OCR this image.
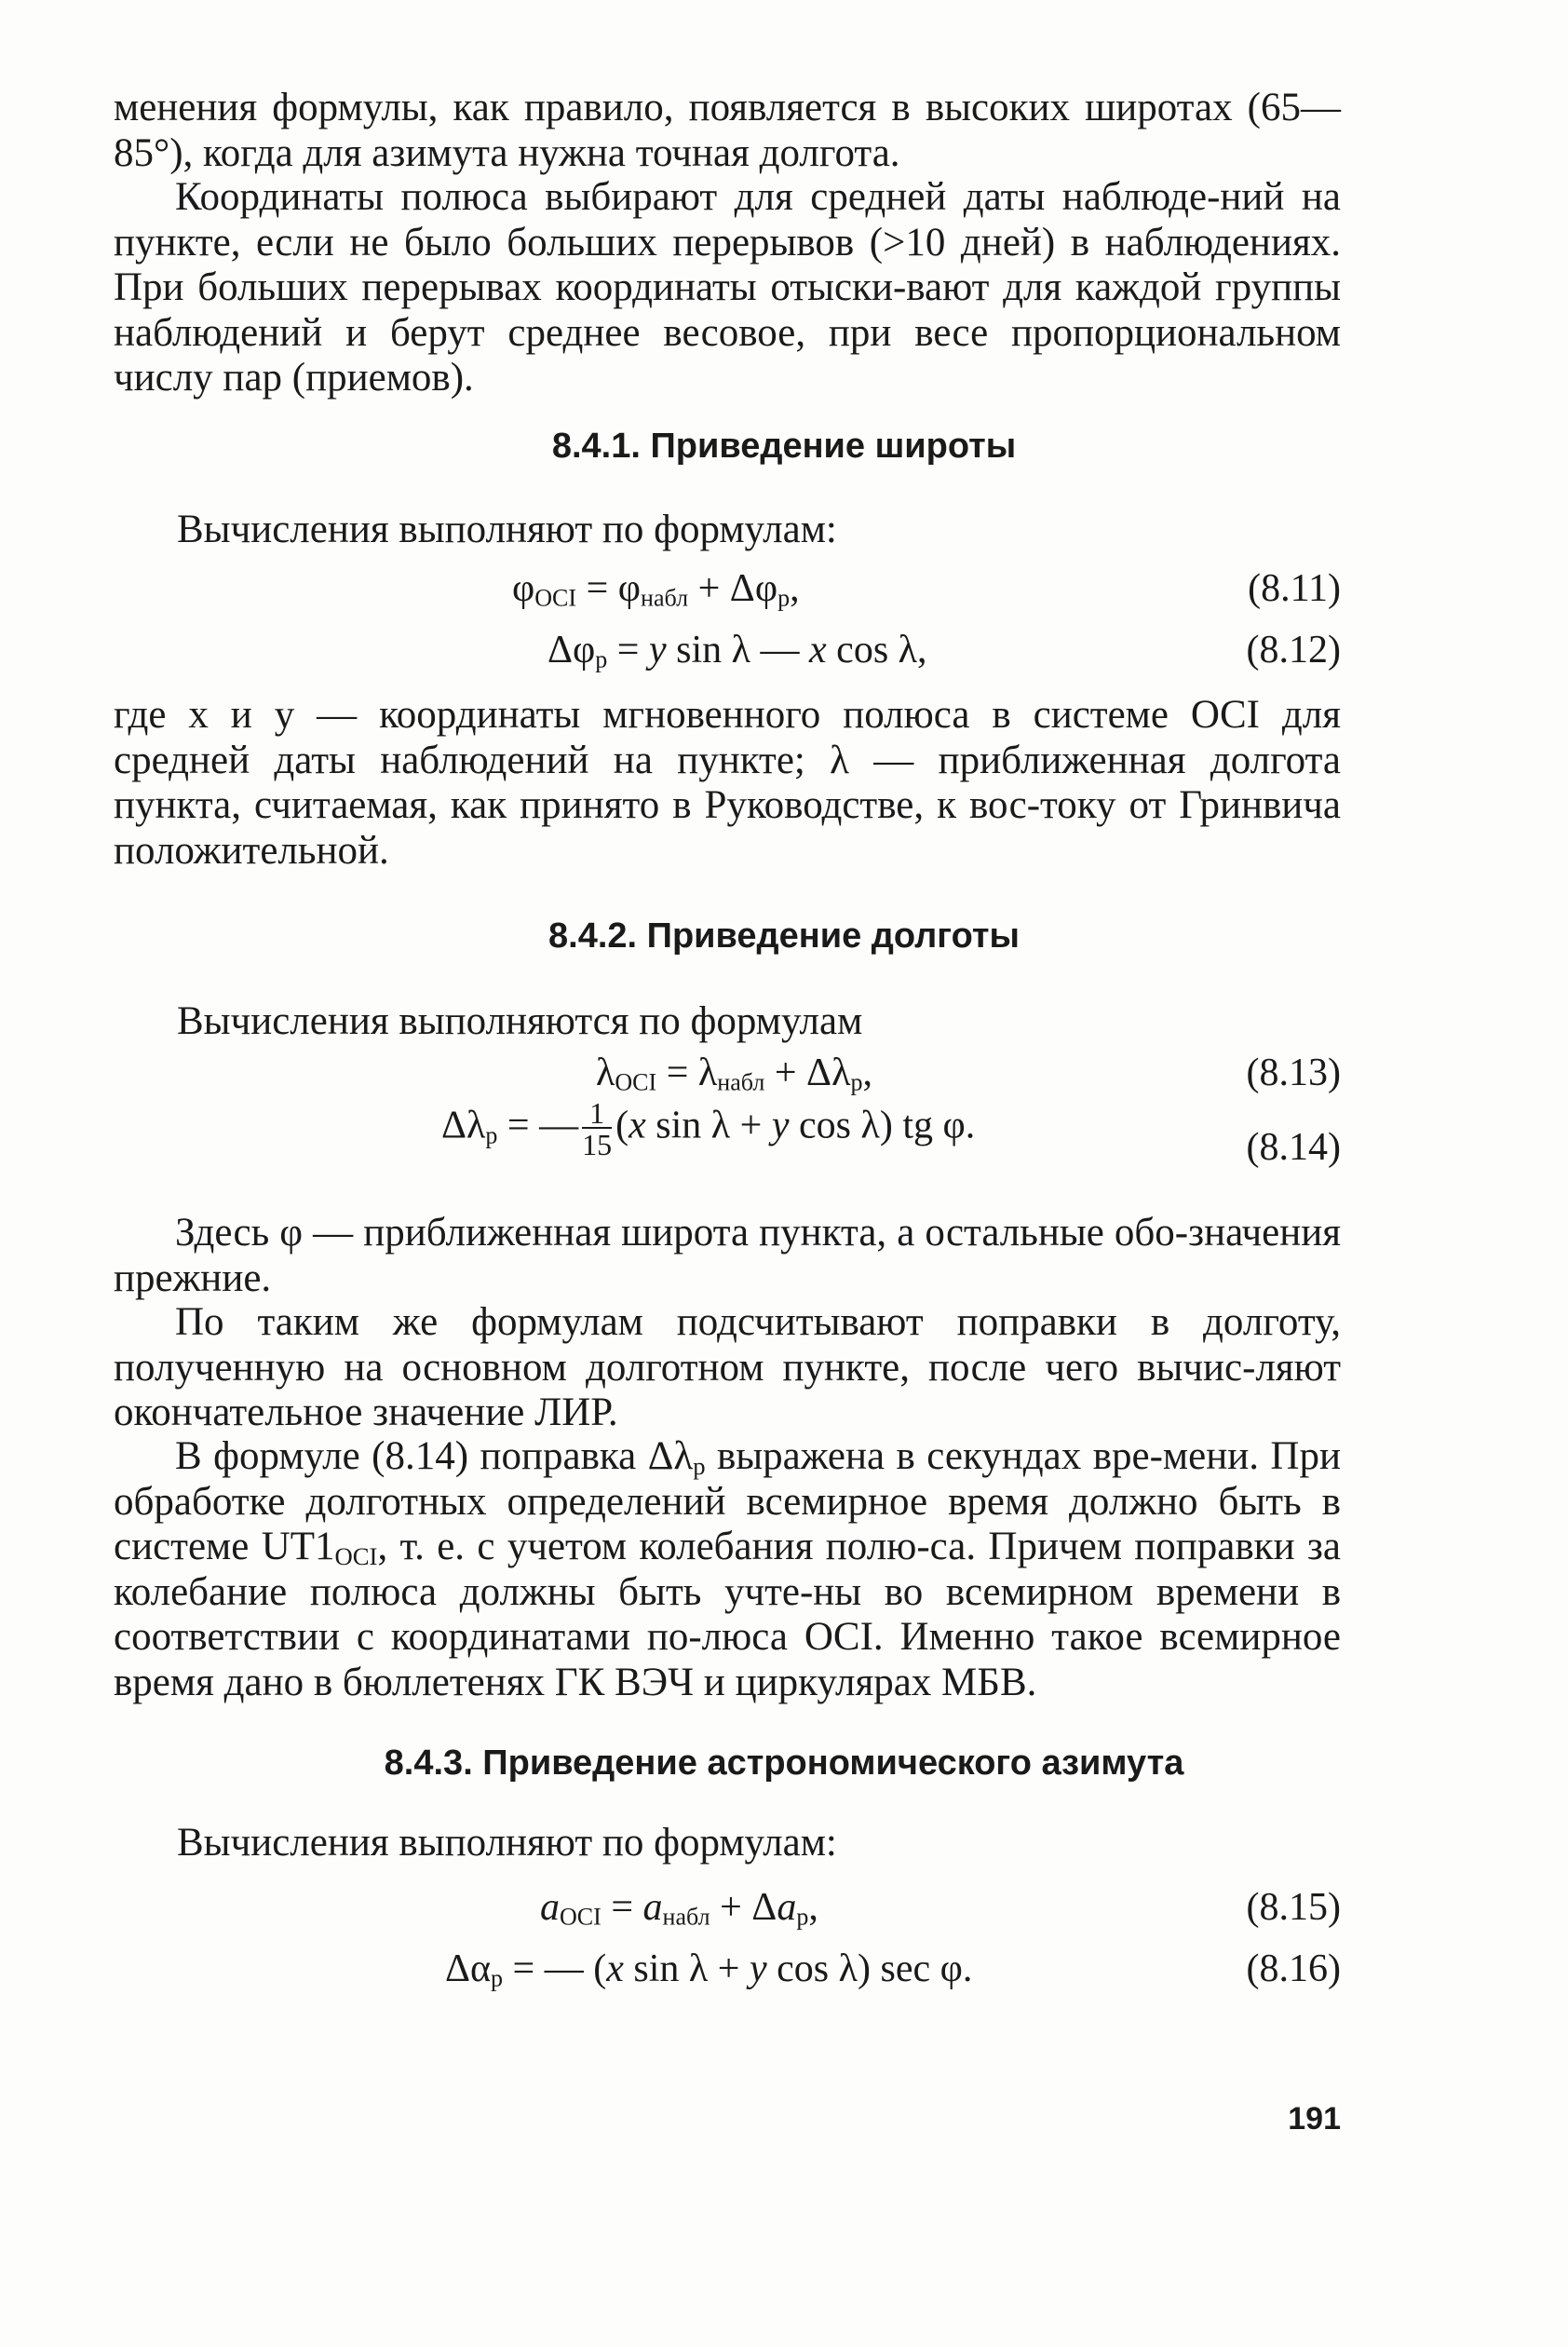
менения формулы, как правило, появляется в высоких широтах (65—85°), когда для азимута нужна точная долгота.

Координаты полюса выбирают для средней даты наблюде-ний на пункте, если не было больших перерывов (>10 дней) в наблюдениях. При больших перерывах координаты отыски-вают для каждой группы наблюдений и берут среднее весовое, при весе пропорциональном числу пар (приемов).

8.4.1. Приведение широты

Вычисления выполняют по формулам:

$\varphi_{OCI} = \varphi_{набл} + \Delta\varphi_р$,	(8.11)
$\Delta\varphi_р = y$ sin λ — x cos λ,	(8.12)

где x и y — координаты мгновенного полюса в системе OCI для средней даты наблюдений на пункте; λ — приближенная долгота пункта, считаемая, как принято в Руководстве, к вос-току от Гринвича положительной.

8.4.2. Приведение долготы

Вычисления выполняются по формулам

$\lambda_{OCI} = \lambda_{набл} + \Delta\lambda_р$,	(8.13)
$\Delta\lambda_р$ = — $\frac{1}{15} (x$ sin λ + y cos λ) tg φ.
(8.14)

Здесь φ — приближенная широта пункта, а остальные обо-значения прежние.

По таким же формулам подсчитывают поправки в долготу, полученную на основном долготном пункте, после чего вычис-ляют окончательное значение ЛИР.

В формуле (8.14) поправка $\Delta\lambda_р$ выражена в секундах вре-мени. При обработке долготных определений всемирное время должно быть в системе $UT1_{OCI}$, т. е. с учетом колебания полю-са. Причем поправки за колебание полюса должны быть учте-ны во всемирном времени в соответствии с координатами по-люса OCI. Именно такое всемирное время дано в бюллетенях ГК ВЭЧ и циркулярах МБВ.

8.4.3. Приведение астрономического азимута

Вычисления выполняют по формулам:

$a_{OCI} = a_{набл} + \Delta a_р$,	(8.15)
$\Delta\alpha_р$ = — (x sin λ + y cos λ) sec φ.	(8.16)
191
